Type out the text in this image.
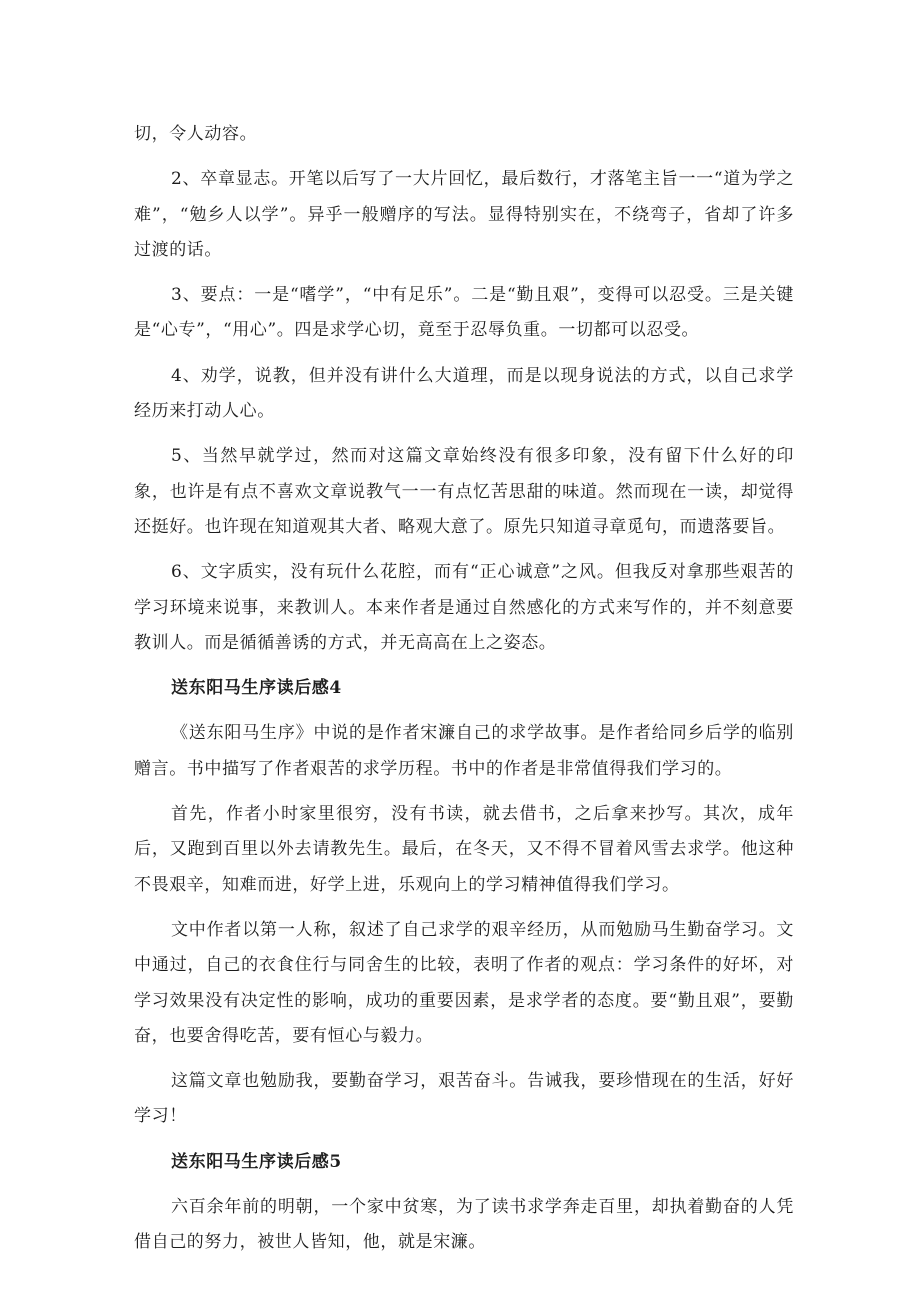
切，令人动容。

2、卒章显志。开笔以后写了一大片回忆，最后数行，才落笔主旨一一“道为学之难”，“勉乡人以学”。异乎一般赠序的写法。显得特别实在，不绕弯子，省却了许多过渡的话。

3、要点：一是“嗜学”，“中有足乐”。二是“勤且艰”，变得可以忍受。三是关键是“心专”，“用心”。四是求学心切，竟至于忍辱负重。一切都可以忍受。

4、劝学，说教，但并没有讲什么大道理，而是以现身说法的方式，以自己求学经历来打动人心。

5、当然早就学过，然而对这篇文章始终没有很多印象，没有留下什么好的印象，也许是有点不喜欢文章说教气一一有点忆苦思甜的味道。然而现在一读，却觉得还挺好。也许现在知道观其大者、略观大意了。原先只知道寻章觅句，而遗落要旨。

6、文字质实，没有玩什么花腔，而有“正心诚意”之风。但我反对拿那些艰苦的学习环境来说事，来教训人。本来作者是通过自然感化的方式来写作的，并不刻意要教训人。而是循循善诱的方式，并无高高在上之姿态。

送东阳马生序读后感4

《送东阳马生序》中说的是作者宋濂自己的求学故事。是作者给同乡后学的临别赠言。书中描写了作者艰苦的求学历程。书中的作者是非常值得我们学习的。

首先，作者小时家里很穷，没有书读，就去借书，之后拿来抄写。其次，成年后，又跑到百里以外去请教先生。最后，在冬天，又不得不冒着风雪去求学。他这种不畏艰辛，知难而进，好学上进，乐观向上的学习精神值得我们学习。

文中作者以第一人称，叙述了自己求学的艰辛经历，从而勉励马生勤奋学习。文中通过，自己的衣食住行与同舍生的比较，表明了作者的观点：学习条件的好坏，对学习效果没有决定性的影响，成功的重要因素，是求学者的态度。要“勤且艰”，要勤奋，也要舍得吃苦，要有恒心与毅力。

这篇文章也勉励我，要勤奋学习，艰苦奋斗。告诫我，要珍惜现在的生活，好好学习！

送东阳马生序读后感5

六百余年前的明朝，一个家中贫寒，为了读书求学奔走百里，却执着勤奋的人凭借自己的努力，被世人皆知，他，就是宋濂。
